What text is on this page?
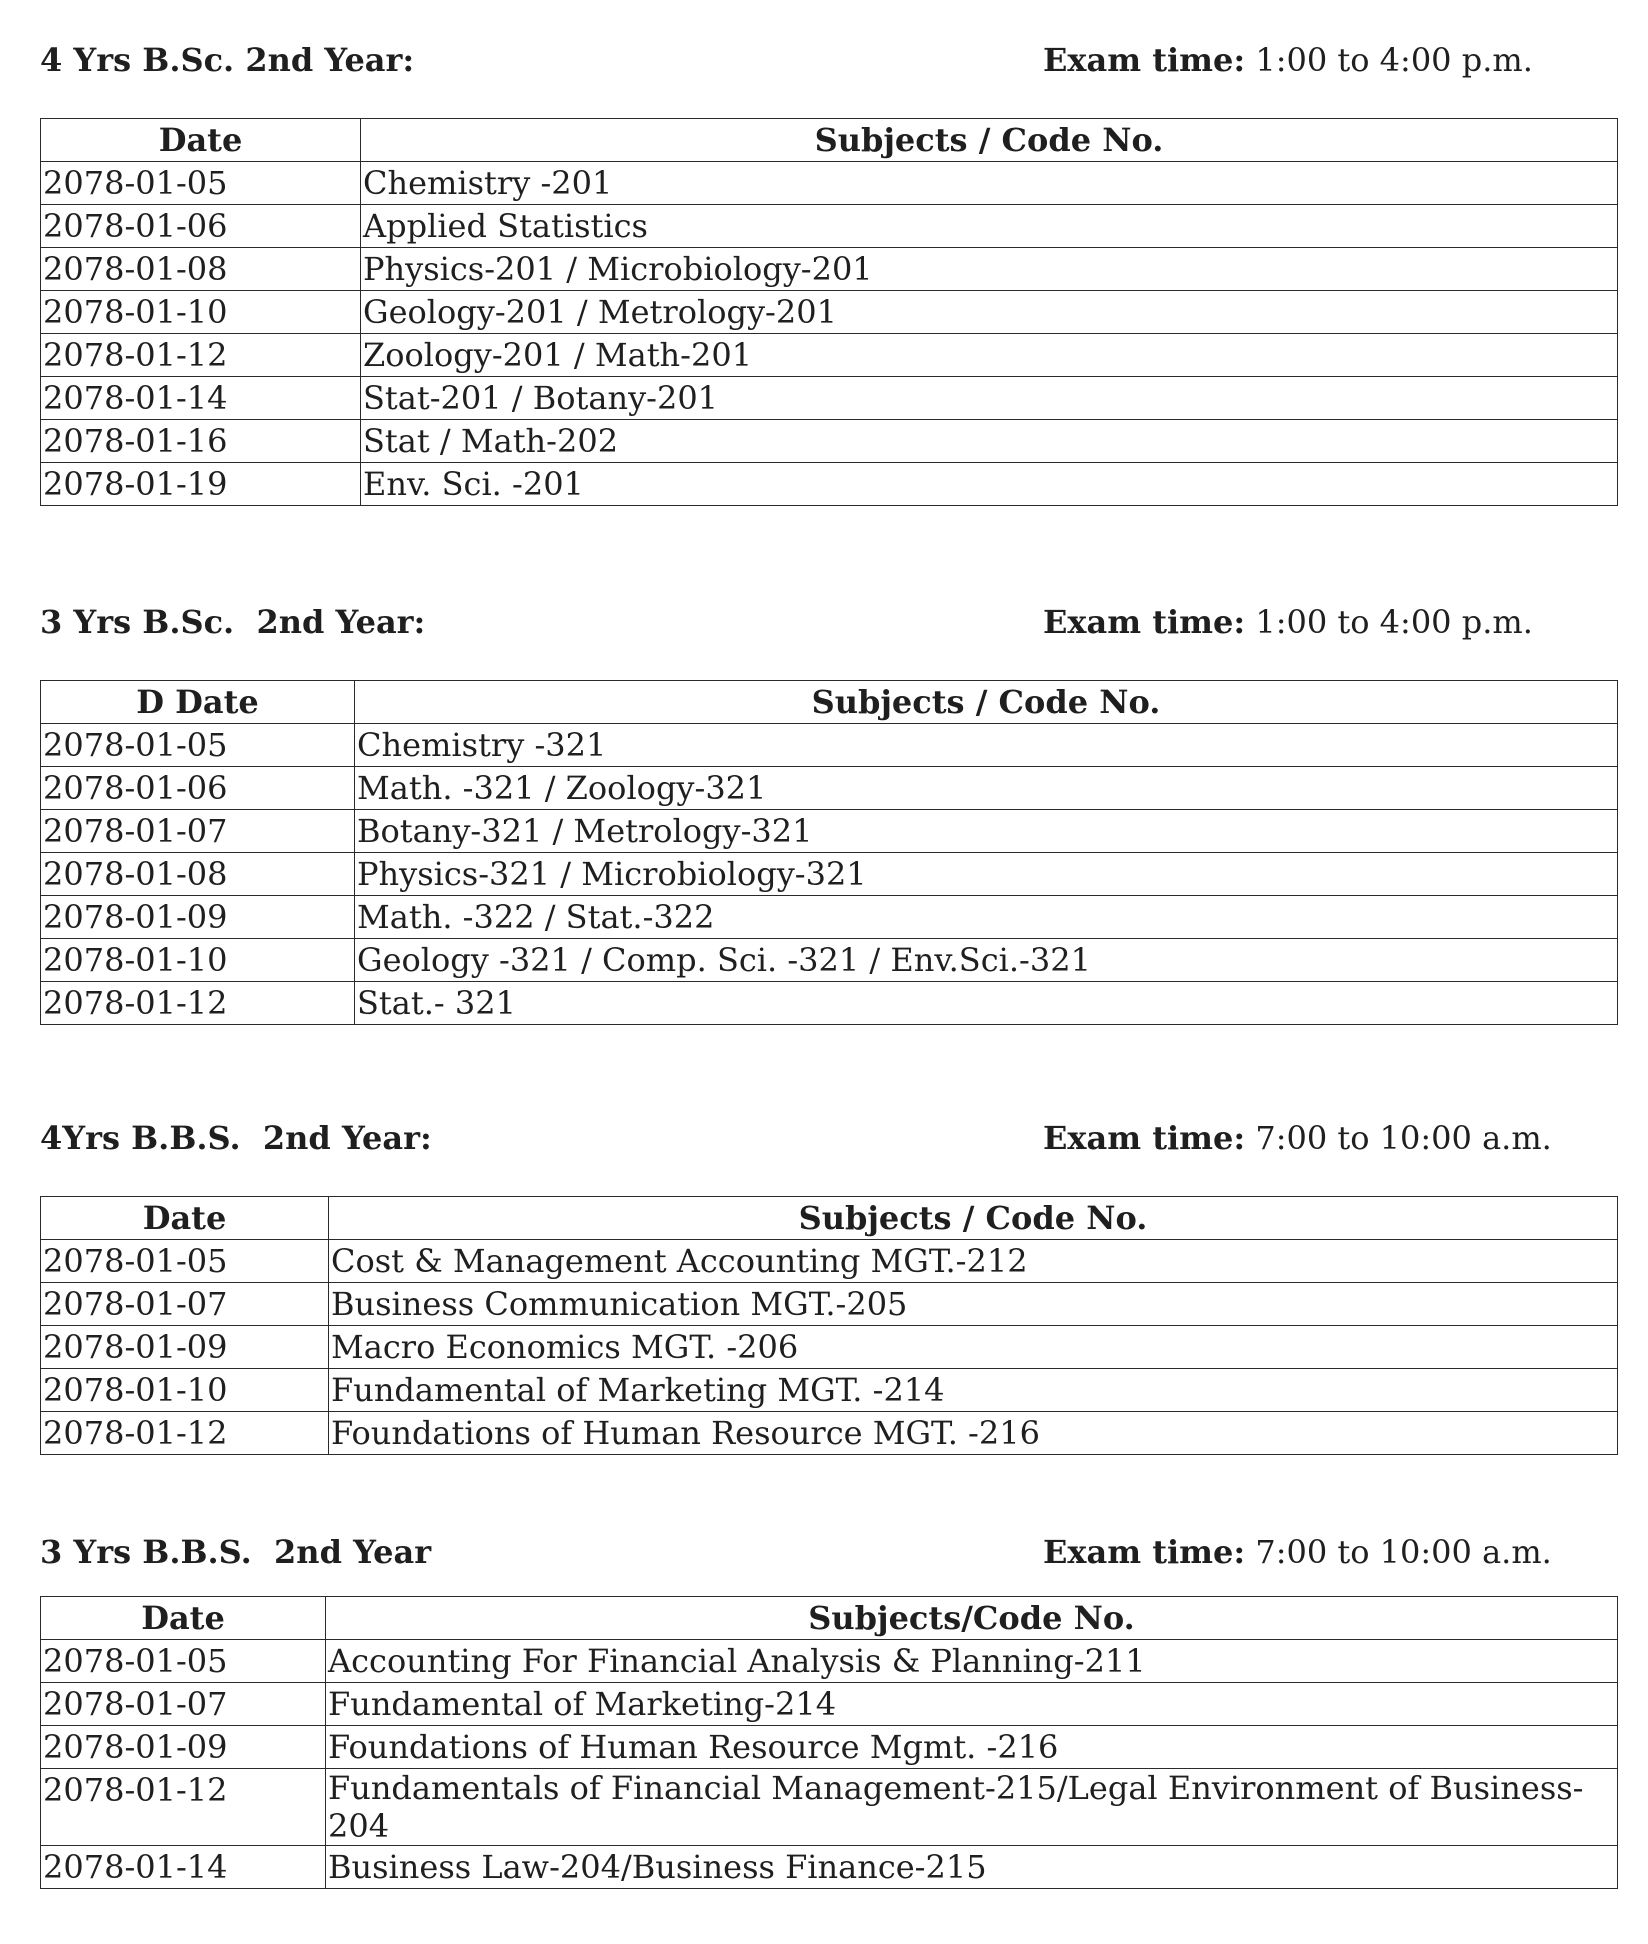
4 Yrs B.Sc. 2nd Year:	Exam time: 1:00 to 4:00 p.m.
Date	Subjects / Code No.
2078-01-05	Chemistry -201
2078-01-06	Applied Statistics
2078-01-08	Physics-201 / Microbiology-201
2078-01-10	Geology-201 / Metrology-201
2078-01-12	Zoology-201 / Math-201
2078-01-14	Stat-201 / Botany-201
2078-01-16	Stat / Math-202
2078-01-19	Env. Sci. -201
3 Yrs B.Sc.  2nd Year:	Exam time: 1:00 to 4:00 p.m.
D Date	Subjects / Code No.
2078-01-05	Chemistry -321
2078-01-06	Math. -321 / Zoology-321
2078-01-07	Botany-321 / Metrology-321
2078-01-08	Physics-321 / Microbiology-321
2078-01-09	Math. -322 / Stat.-322
2078-01-10	Geology -321 / Comp. Sci. -321 / Env.Sci.-321
2078-01-12	Stat.- 321
4Yrs B.B.S.  2nd Year:	Exam time: 7:00 to 10:00 a.m.
Date	Subjects / Code No.
2078-01-05	Cost & Management Accounting MGT.-212
2078-01-07	Business Communication MGT.-205
2078-01-09	Macro Economics MGT. -206
2078-01-10	Fundamental of Marketing MGT. -214
2078-01-12	Foundations of Human Resource MGT. -216
3 Yrs B.B.S.  2nd Year	Exam time: 7:00 to 10:00 a.m.
Date	Subjects/Code No.
2078-01-05	Accounting For Financial Analysis & Planning-211
2078-01-07	Fundamental of Marketing-214
2078-01-09	Foundations of Human Resource Mgmt. -216
2078-01-12	Fundamentals of Financial Management-215/Legal Environment of Business-204
2078-01-14	Business Law-204/Business Finance-215
